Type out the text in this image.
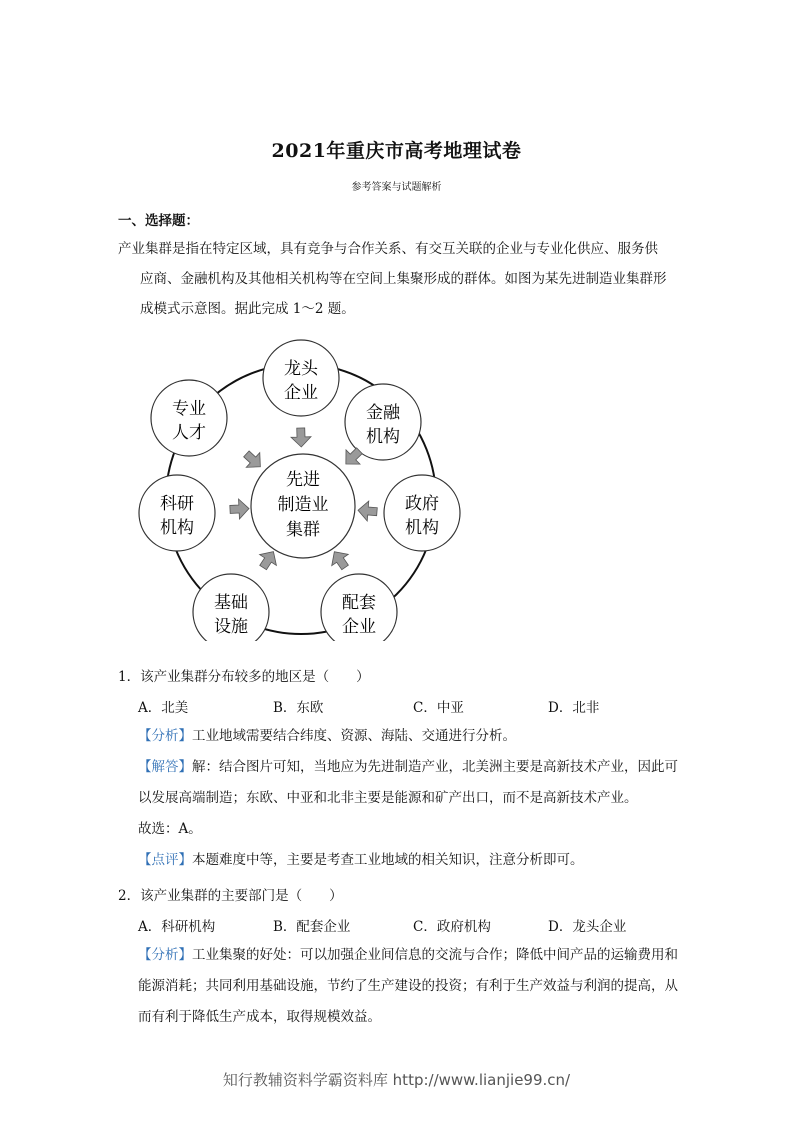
2021年重庆市高考地理试卷
参考答案与试题解析
一、选择题：
产业集群是指在特定区域，具有竞争与合作关系、有交互关联的企业与专业化供应、服务供
应商、金融机构及其他相关机构等在空间上集聚形成的群体。如图为某先进制造业集群形成模式示意图。据此完成 1～2 题。
龙头
企业
金融
机构
政府
机构
配套
企业
基础
设施
科研
机构
专业
人才
先进
制造业
集群
1．该产业集群分布较多的地区是（　　）
A．北美	B．东欧	C．中亚	D．北非
【分析】工业地域需要结合纬度、资源、海陆、交通进行分析。
【解答】解：结合图片可知，当地应为先进制造产业，北美洲主要是高新技术产业，因此可以发展高端制造；东欧、中亚和北非主要是能源和矿产出口，而不是高新技术产业。
故选：A。
【点评】本题难度中等，主要是考查工业地域的相关知识，注意分析即可。
2．该产业集群的主要部门是（　　）
A．科研机构	B．配套企业	C．政府机构	D．龙头企业
【分析】工业集聚的好处：可以加强企业间信息的交流与合作；降低中间产品的运输费用和能源消耗；共同利用基础设施，节约了生产建设的投资；有利于生产效益与利润的提高，从而有利于降低生产成本，取得规模效益。
知行教辅资料学霸资料库 http://www.lianjie99.cn/
